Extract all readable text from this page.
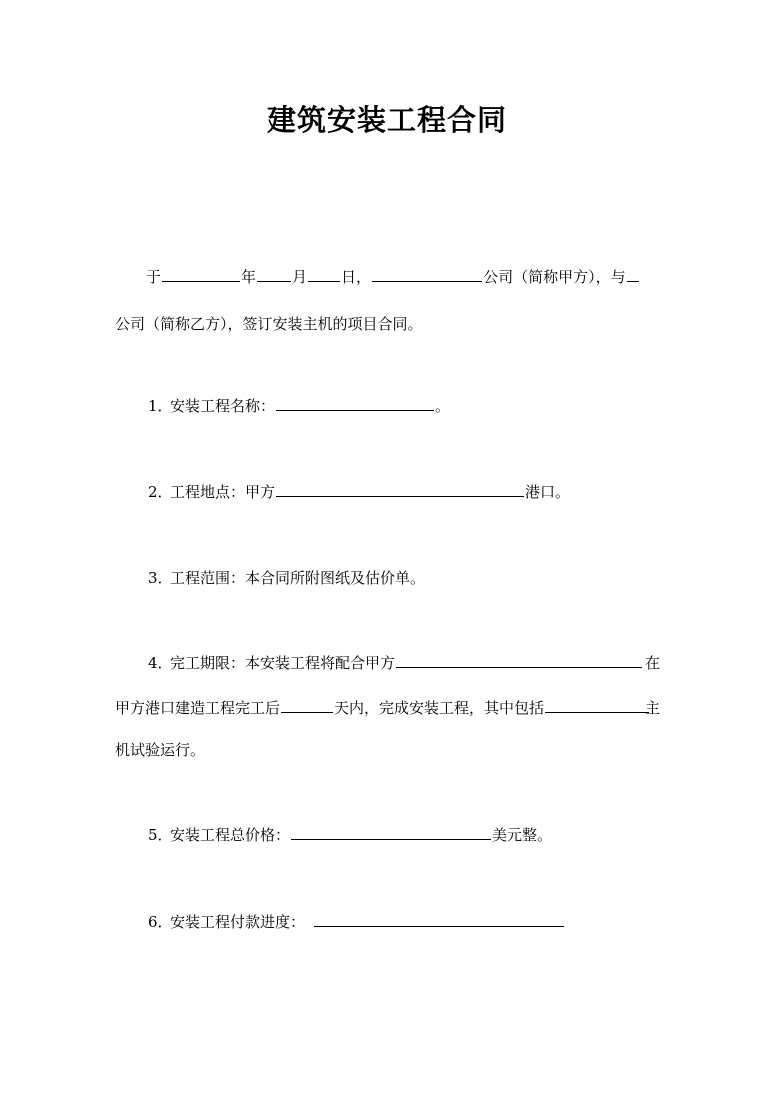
建筑安装工程合同
于	年 月 日，	公司（简称甲方），与
公司（简称乙方），签订安装主机的项目合同。
1．安装工程名称：	。
2．工程地点：甲方	港口。
3．工程范围：本合同所附图纸及估价单。
4．完工期限：本安装工程将配合甲方	在
甲方港口建造工程完工后	天内，完成安装工程，其中包括	主
机试验运行。
5．安装工程总价格：	美元整。
6．安装工程付款进度：
